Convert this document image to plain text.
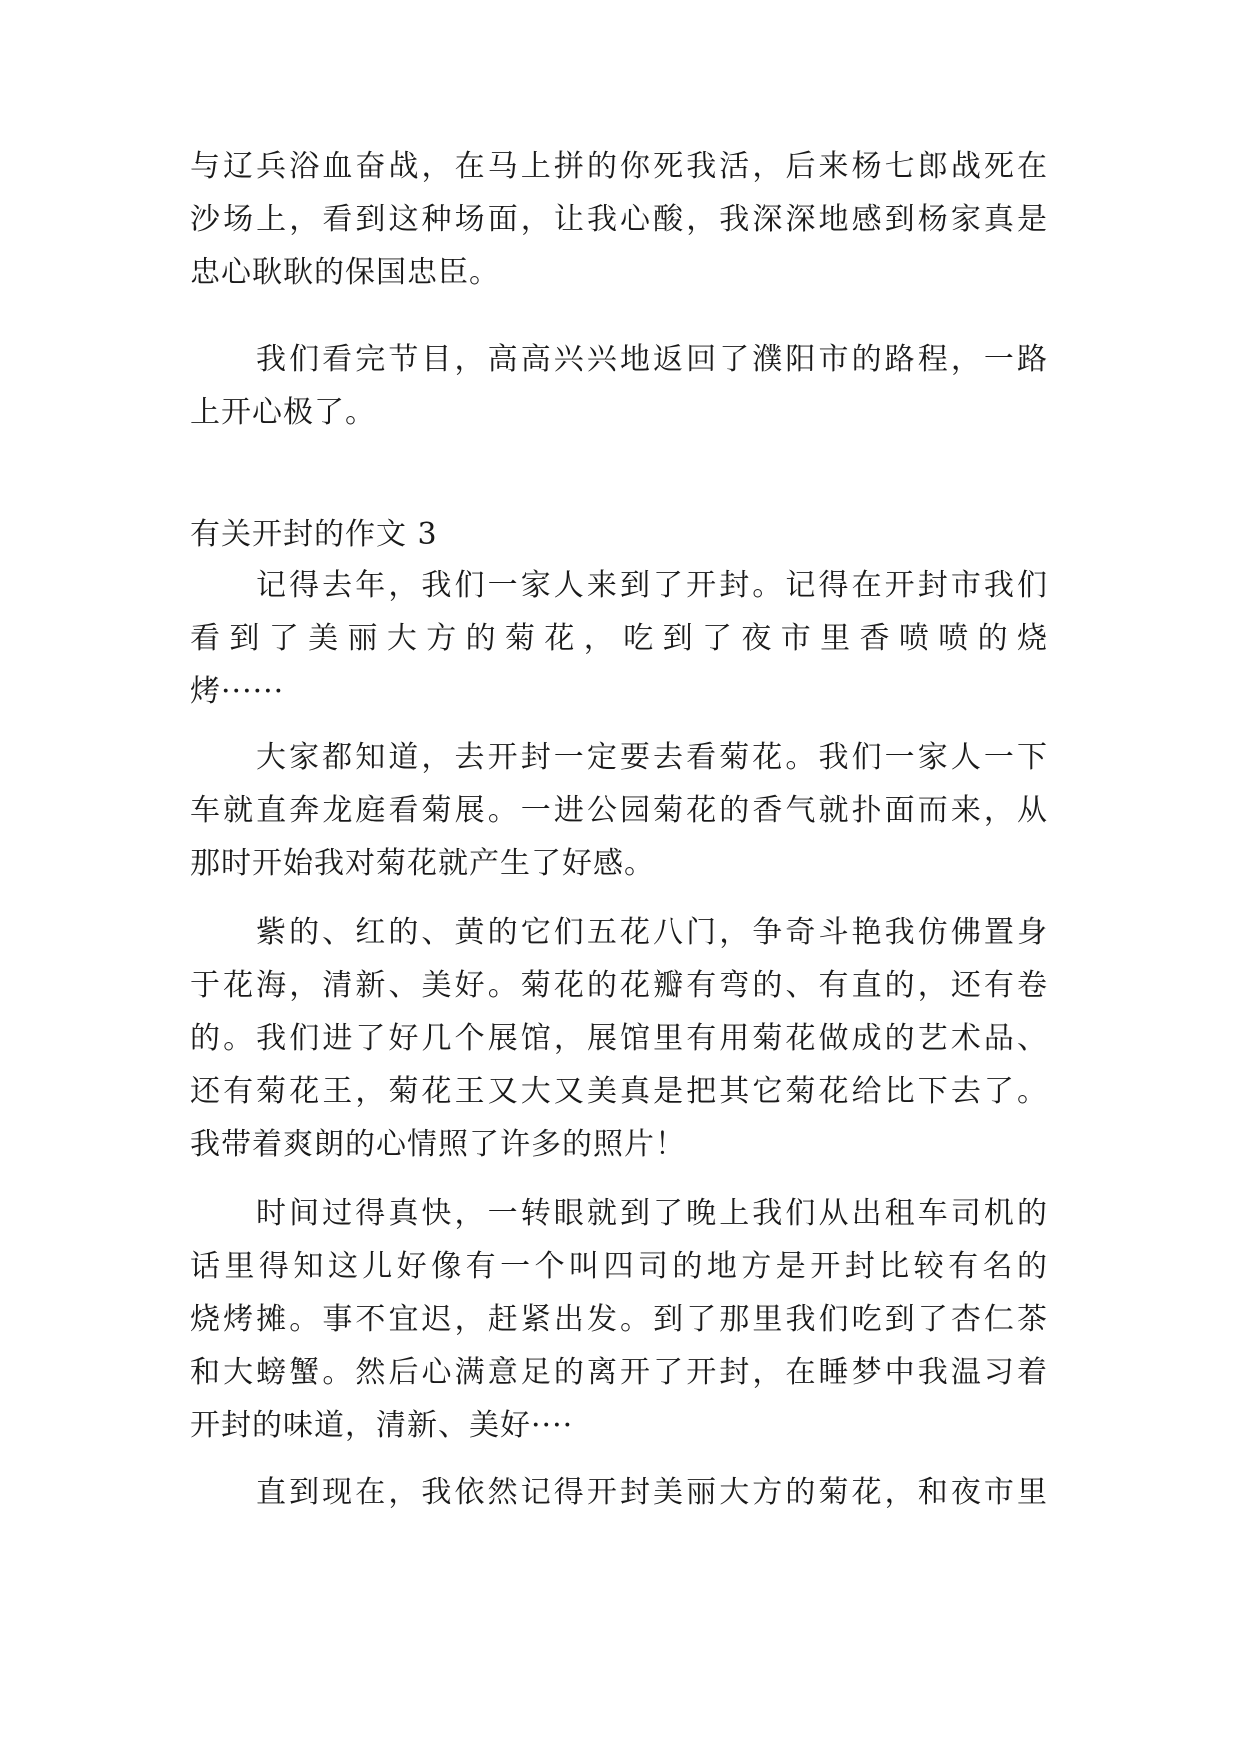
与辽兵浴血奋战，在马上拼的你死我活，后来杨七郎战死在
沙场上，看到这种场面，让我心酸，我深深地感到杨家真是
忠心耿耿的保国忠臣。
我们看完节目，高高兴兴地返回了濮阳市的路程，一路
上开心极了。
有关开封的作文 3
记得去年，我们一家人来到了开封。记得在开封市我们
看到了美丽大方的菊花，吃到了夜市里香喷喷的烧
烤······
大家都知道，去开封一定要去看菊花。我们一家人一下
车就直奔龙庭看菊展。一进公园菊花的香气就扑面而来，从
那时开始我对菊花就产生了好感。
紫的、红的、黄的它们五花八门，争奇斗艳我仿佛置身
于花海，清新、美好。菊花的花瓣有弯的、有直的，还有卷
的。我们进了好几个展馆，展馆里有用菊花做成的艺术品、
还有菊花王，菊花王又大又美真是把其它菊花给比下去了。
我带着爽朗的心情照了许多的照片！
时间过得真快，一转眼就到了晚上我们从出租车司机的
话里得知这儿好像有一个叫四司的地方是开封比较有名的
烧烤摊。事不宜迟，赶紧出发。到了那里我们吃到了杏仁茶
和大螃蟹。然后心满意足的离开了开封，在睡梦中我温习着
开封的味道，清新、美好····
直到现在，我依然记得开封美丽大方的菊花，和夜市里
